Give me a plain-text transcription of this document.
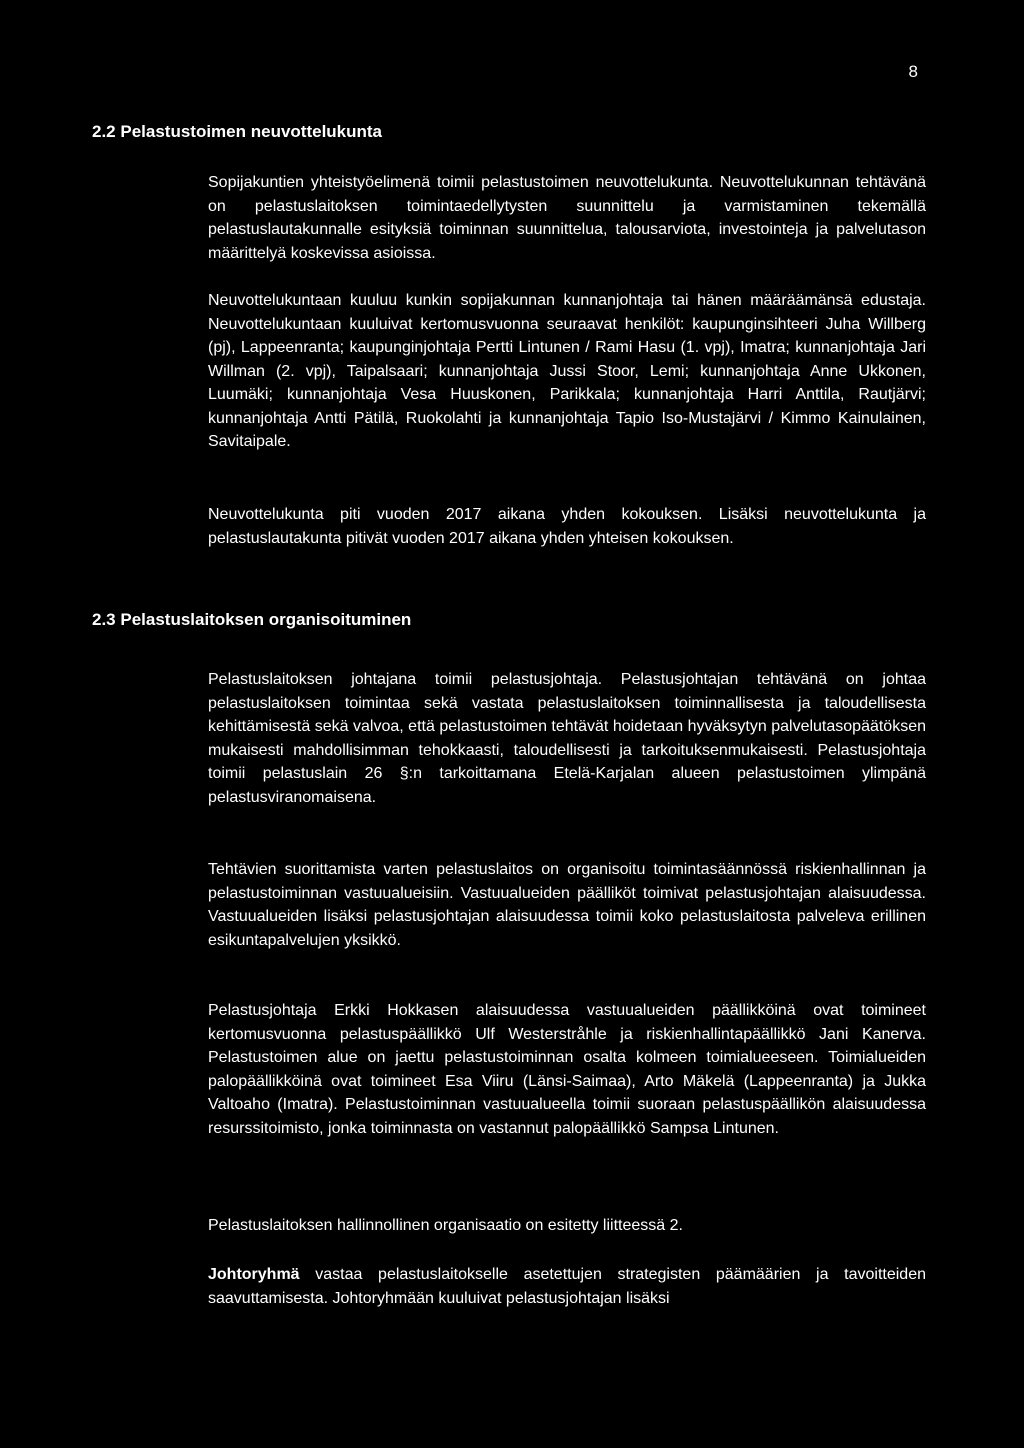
8
2.2 Pelastustoimen neuvottelukunta

Sopijakuntien yhteistyöelimenä toimii pelastustoimen neuvottelukunta. Neuvottelukunnan tehtävänä on pelastuslaitoksen toimintaedellytysten suunnittelu ja varmistaminen tekemällä pelastuslautakunnalle esityksiä toiminnan suunnittelua, talousarviota, investointeja ja palvelutason määrittelyä koskevissa asioissa.

Neuvottelukuntaan kuuluu kunkin sopijakunnan kunnanjohtaja tai hänen määräämänsä edustaja. Neuvottelukuntaan kuuluivat kertomusvuonna seuraavat henkilöt: kaupunginsihteeri Juha Willberg (pj), Lappeenranta; kaupunginjohtaja Pertti Lintunen / Rami Hasu (1. vpj), Imatra; kunnanjohtaja Jari Willman (2. vpj), Taipalsaari; kunnanjohtaja Jussi Stoor, Lemi; kunnanjohtaja Anne Ukkonen, Luumäki; kunnanjohtaja Vesa Huuskonen, Parikkala; kunnanjohtaja Harri Anttila, Rautjärvi; kunnanjohtaja Antti Pätilä, Ruokolahti ja kunnanjohtaja Tapio Iso-Mustajärvi / Kimmo Kainulainen, Savitaipale.

Neuvottelukunta piti vuoden 2017 aikana yhden kokouksen. Lisäksi neuvottelukunta ja pelastuslautakunta pitivät vuoden 2017 aikana yhden yhteisen kokouksen.

2.3 Pelastuslaitoksen organisoituminen

Pelastuslaitoksen johtajana toimii pelastusjohtaja. Pelastusjohtajan tehtävänä on johtaa pelastuslaitoksen toimintaa sekä vastata pelastuslaitoksen toiminnallisesta ja taloudellisesta kehittämisestä sekä valvoa, että pelastustoimen tehtävät hoidetaan hyväksytyn palvelutasopäätöksen mukaisesti mahdollisimman tehokkaasti, taloudellisesti ja tarkoituksenmukaisesti. Pelastusjohtaja toimii pelastuslain 26 §:n tarkoittamana Etelä-Karjalan alueen pelastustoimen ylimpänä pelastusviranomaisena.

Tehtävien suorittamista varten pelastuslaitos on organisoitu toimintasäännössä riskienhallinnan ja pelastustoiminnan vastuualueisiin. Vastuualueiden päälliköt toimivat pelastusjohtajan alaisuudessa. Vastuualueiden lisäksi pelastusjohtajan alaisuudessa toimii koko pelastuslaitosta palveleva erillinen esikuntapalvelujen yksikkö.

Pelastusjohtaja Erkki Hokkasen alaisuudessa vastuualueiden päällikköinä ovat toimineet kertomusvuonna pelastuspäällikkö Ulf Westerstråhle ja riskienhallintapäällikkö Jani Kanerva. Pelastustoimen alue on jaettu pelastustoiminnan osalta kolmeen toimialueeseen. Toimialueiden palopäällikköinä ovat toimineet Esa Viiru (Länsi-Saimaa), Arto Mäkelä (Lappeenranta) ja Jukka Valtoaho (Imatra). Pelastustoiminnan vastuualueella toimii suoraan pelastuspäällikön alaisuudessa resurssitoimisto, jonka toiminnasta on vastannut palopäällikkö Sampsa Lintunen.

Pelastuslaitoksen hallinnollinen organisaatio on esitetty liitteessä 2.

Johtoryhmä vastaa pelastuslaitokselle asetettujen strategisten päämäärien ja tavoitteiden saavuttamisesta. Johtoryhmään kuuluivat pelastusjohtajan lisäksi
